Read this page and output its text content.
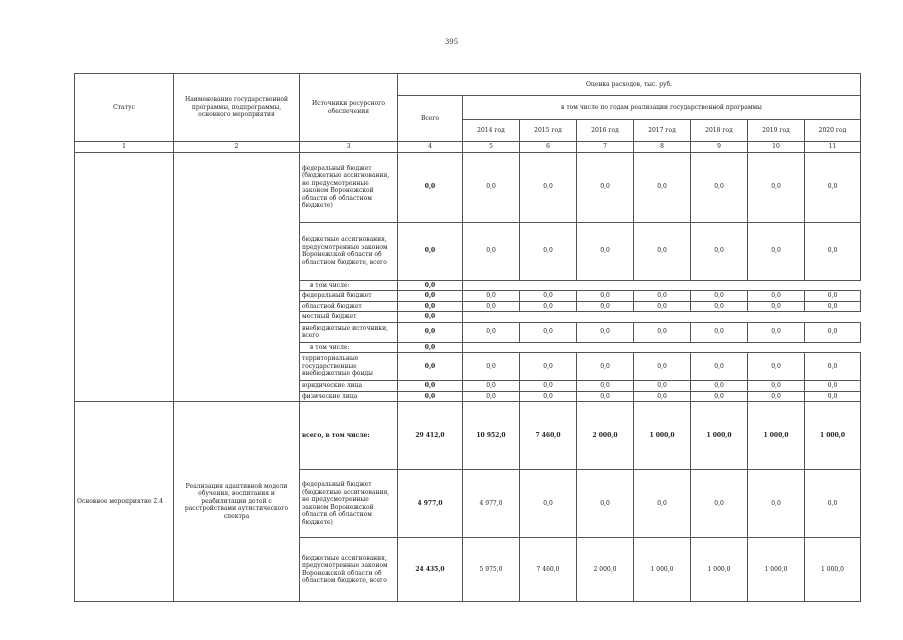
395
Статус	Наименование государственной программы, подпрограммы, основного мероприятия	Источники ресурсного обеспечения	Оценка расходов, тыс. руб.							
			Всего	в том числе по годам реализации государственной программы						
				2014 год	2015 год	2016 год	2017 год	2018 год	2019 год	2020 год
1	2	3	4	5	6	7	8	9	10	11
		федеральный бюджет (бюджетные ассигнования, не предусмотренные законом Воронежской области об областном бюджете)	0,0	0,0	0,0	0,0	0,0	0,0	0,0	0,0
		бюджетные ассигнования, предусмотренные законом Воронежской области об областном бюджете, всего	0,0	0,0	0,0	0,0	0,0	0,0	0,0	0,0
		в том числе:	0,0							
		федеральный бюджет	0,0	0,0	0,0	0,0	0,0	0,0	0,0	0,0
		областной бюджет	0,0	0,0	0,0	0,0	0,0	0,0	0,0	0,0
		местный бюджет	0,0							
		внебюджетные источники, всего	0,0	0,0	0,0	0,0	0,0	0,0	0,0	0,0
		в том числе:	0,0							
		территориальные государственные внебюджетные фонды	0,0	0,0	0,0	0,0	0,0	0,0	0,0	0,0
		юридические лица	0,0	0,0	0,0	0,0	0,0	0,0	0,0	0,0
		физические лица	0,0	0,0	0,0	0,0	0,0	0,0	0,0	0,0
Основное мероприятие 2.4	Реализация адаптивной модели обучения, воспитания и реабилитации детей с расстройствами аутистического спектра	всего, в том числе:	29 412,0	10 952,0	7 460,0	2 000,0	1 000,0	1 000,0	1 000,0	1 000,0
		федеральный бюджет (бюджетные ассигнования, не предусмотренные законом Воронежской области об областном бюджете)	4 977,0	4 977,0	0,0	0,0	0,0	0,0	0,0	0,0
		бюджетные ассигнования, предусмотренные законом Воронежской области об областном бюджете, всего	24 435,0	5 975,0	7 460,0	2 000,0	1 000,0	1 000,0	1 000,0	1 000,0
